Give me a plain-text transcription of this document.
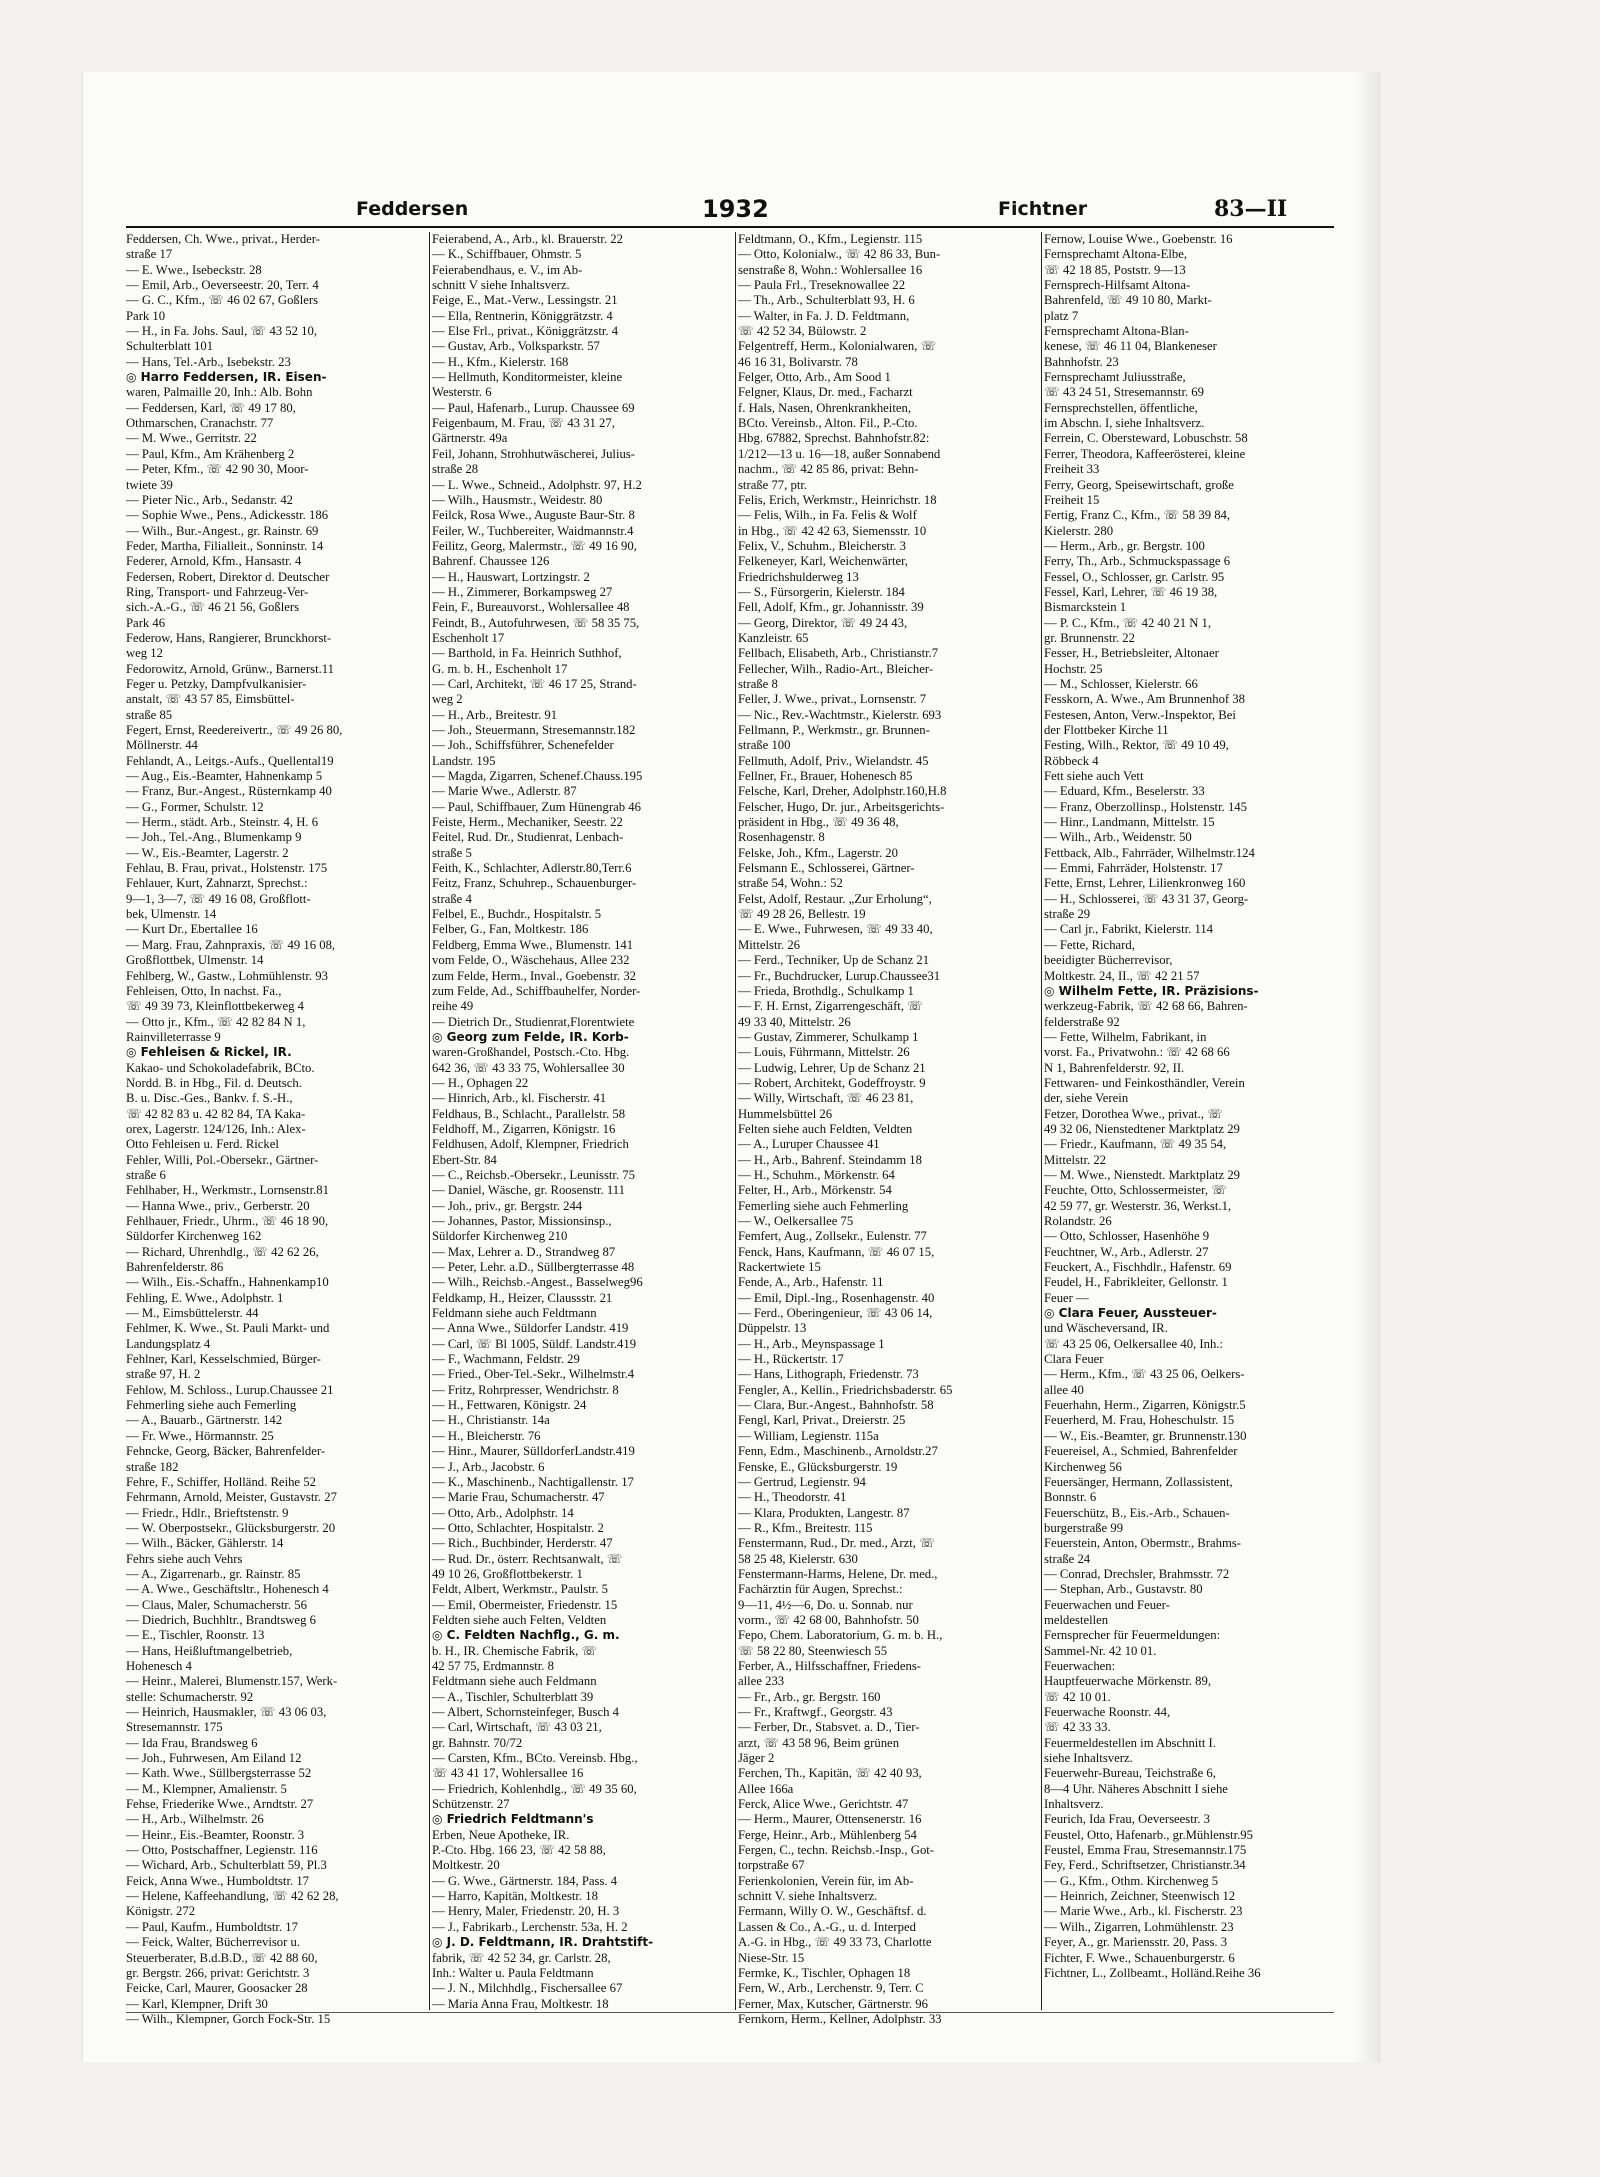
Feddersen	1932	Fichtner	83—II
Feddersen, Ch. Wwe., privat., Herder-
straße 17
— E. Wwe., Isebeckstr. 28
— Emil, Arb., Oeverseestr. 20, Terr. 4
— G. C., Kfm., ☏ 46 02 67, Goßlers
Park 10
— H., in Fa. Johs. Saul, ☏ 43 52 10,
Schulterblatt 101
— Hans, Tel.-Arb., Isebekstr. 23
◎ Harro Feddersen, IR. Eisen-
waren, Palmaille 20, Inh.: Alb. Bohn
— Feddersen, Karl, ☏ 49 17 80,
Othmarschen, Cranachstr. 77
— M. Wwe., Gerritstr. 22
— Paul, Kfm., Am Krähenberg 2
— Peter, Kfm., ☏ 42 90 30, Moor-
twiete 39
— Pieter Nic., Arb., Sedanstr. 42
— Sophie Wwe., Pens., Adickesstr. 186
— Wilh., Bur.-Angest., gr. Rainstr. 69
Feder, Martha, Filialleit., Sonninstr. 14
Federer, Arnold, Kfm., Hansastr. 4
Federsen, Robert, Direktor d. Deutscher
Ring, Transport- und Fahrzeug-Ver-
sich.-A.-G., ☏ 46 21 56, Goßlers
Park 46
Federow, Hans, Rangierer, Brunckhorst-
weg 12
Fedorowitz, Arnold, Grünw., Barnerst.11
Feger u. Petzky, Dampfvulkanisier-
anstalt, ☏ 43 57 85, Eimsbüttel-
straße 85
Fegert, Ernst, Reedereivertr., ☏ 49 26 80,
Möllnerstr. 44
Fehlandt, A., Leitgs.-Aufs., Quellental19
— Aug., Eis.-Beamter, Hahnenkamp 5
— Franz, Bur.-Angest., Rüsternkamp 40
— G., Former, Schulstr. 12
— Herm., städt. Arb., Steinstr. 4, H. 6
— Joh., Tel.-Ang., Blumenkamp 9
— W., Eis.-Beamter, Lagerstr. 2
Fehlau, B. Frau, privat., Holstenstr. 175
Fehlauer, Kurt, Zahnarzt, Sprechst.:
9—1, 3—7, ☏ 49 16 08, Großflott-
bek, Ulmenstr. 14
— Kurt Dr., Ebertallee 16
— Marg. Frau, Zahnpraxis, ☏ 49 16 08,
Großflottbek, Ulmenstr. 14
Fehlberg, W., Gastw., Lohmühlenstr. 93
Fehleisen, Otto, In nachst. Fa.,
☏ 49 39 73, Kleinflottbekerweg 4
— Otto jr., Kfm., ☏ 42 82 84 N 1,
Rainvilleterrasse 9
◎ Fehleisen & Rickel, IR.
Kakao- und Schokoladefabrik, BCto.
Nordd. B. in Hbg., Fil. d. Deutsch.
B. u. Disc.-Ges., Bankv. f. S.-H.,
☏ 42 82 83 u. 42 82 84, TA Kaka-
orex, Lagerstr. 124/126, Inh.: Alex-
Otto Fehleisen u. Ferd. Rickel
Fehler, Willi, Pol.-Obersekr., Gärtner-
straße 6
Fehlhaber, H., Werkmstr., Lornsenstr.81
— Hanna Wwe., priv., Gerberstr. 20
Fehlhauer, Friedr., Uhrm., ☏ 46 18 90,
Süldorfer Kirchenweg 162
— Richard, Uhrenhdlg., ☏ 42 62 26,
Bahrenfelderstr. 86
— Wilh., Eis.-Schaffn., Hahnenkamp10
Fehling, E. Wwe., Adolphstr. 1
— M., Eimsbüttelerstr. 44
Fehlmer, K. Wwe., St. Pauli Markt- und
Landungsplatz 4
Fehlner, Karl, Kesselschmied, Bürger-
straße 97, H. 2
Fehlow, M. Schloss., Lurup.Chaussee 21
Fehmerling siehe auch Femerling
— A., Bauarb., Gärtnerstr. 142
— Fr. Wwe., Hörmannstr. 25
Fehncke, Georg, Bäcker, Bahrenfelder-
straße 182
Fehre, F., Schiffer, Holländ. Reihe 52
Fehrmann, Arnold, Meister, Gustavstr. 27
— Friedr., Hdlr., Brieftstenstr. 9
— W. Oberpostsekr., Glücksburgerstr. 20
— Wilh., Bäcker, Gählerstr. 14
Fehrs siehe auch Vehrs
— A., Zigarrenarb., gr. Rainstr. 85
— A. Wwe., Geschäftsltr., Hohenesch 4
— Claus, Maler, Schumacherstr. 56
— Diedrich, Buchhltr., Brandtsweg 6
— E., Tischler, Roonstr. 13
— Hans, Heißluftmangelbetrieb,
Hohenesch 4
— Heinr., Malerei, Blumenstr.157, Werk-
stelle: Schumacherstr. 92
— Heinrich, Hausmakler, ☏ 43 06 03,
Stresemannstr. 175
— Ida Frau, Brandsweg 6
— Joh., Fuhrwesen, Am Eiland 12
— Kath. Wwe., Süllbergsterrasse 52
— M., Klempner, Amalienstr. 5
Fehse, Friederike Wwe., Arndtstr. 27
— H., Arb., Wilhelmstr. 26
— Heinr., Eis.-Beamter, Roonstr. 3
— Otto, Postschaffner, Legienstr. 116
— Wichard, Arb., Schulterblatt 59, Pl.3
Feick, Anna Wwe., Humboldtstr. 17
— Helene, Kaffeehandlung, ☏ 42 62 28,
Königstr. 272
— Paul, Kaufm., Humboldtstr. 17
— Feick, Walter, Bücherrevisor u.
Steuerberater, B.d.B.D., ☏ 42 88 60,
gr. Bergstr. 266, privat: Gerichtstr. 3
Feicke, Carl, Maurer, Goosacker 28
— Karl, Klempner, Drift 30
— Wilh., Klempner, Gorch Fock-Str. 15
Feierabend, A., Arb., kl. Brauerstr. 22
— K., Schiffbauer, Ohmstr. 5
Feierabendhaus, e. V., im Ab-
schnitt V siehe Inhaltsverz.
Feige, E., Mat.-Verw., Lessingstr. 21
— Ella, Rentnerin, Königgrätzstr. 4
— Else Frl., privat., Königgrätzstr. 4
— Gustav, Arb., Volksparkstr. 57
— H., Kfm., Kielerstr. 168
— Hellmuth, Konditormeister, kleine
Westerstr. 6
— Paul, Hafenarb., Lurup. Chaussee 69
Feigenbaum, M. Frau, ☏ 43 31 27,
Gärtnerstr. 49a
Feil, Johann, Strohhutwäscherei, Julius-
straße 28
— L. Wwe., Schneid., Adolphstr. 97, H.2
— Wilh., Hausmstr., Weidestr. 80
Feilck, Rosa Wwe., Auguste Baur-Str. 8
Feiler, W., Tuchbereiter, Waidmannstr.4
Feilitz, Georg, Malermstr., ☏ 49 16 90,
Bahrenf. Chaussee 126
— H., Hauswart, Lortzingstr. 2
— H., Zimmerer, Borkampsweg 27
Fein, F., Bureauvorst., Wohlersallee 48
Feindt, B., Autofuhrwesen, ☏ 58 35 75,
Eschenholt 17
— Barthold, in Fa. Heinrich Suthhof,
G. m. b. H., Eschenholt 17
— Carl, Architekt, ☏ 46 17 25, Strand-
weg 2
— H., Arb., Breitestr. 91
— Joh., Steuermann, Stresemannstr.182
— Joh., Schiffsführer, Schenefelder
Landstr. 195
— Magda, Zigarren, Schenef.Chauss.195
— Marie Wwe., Adlerstr. 87
— Paul, Schiffbauer, Zum Hünengrab 46
Feiste, Herm., Mechaniker, Seestr. 22
Feitel, Rud. Dr., Studienrat, Lenbach-
straße 5
Feith, K., Schlachter, Adlerstr.80,Terr.6
Feitz, Franz, Schuhrep., Schauenburger-
straße 4
Felbel, E., Buchdr., Hospitalstr. 5
Felber, G., Fan, Moltkestr. 186
Feldberg, Emma Wwe., Blumenstr. 141
vom Felde, O., Wäschehaus, Allee 232
zum Felde, Herm., Inval., Goebenstr. 32
zum Felde, Ad., Schiffbauhelfer, Norder-
reihe 49
— Dietrich Dr., Studienrat,Florentwiete
◎ Georg zum Felde, IR. Korb-
waren-Großhandel, Postsch.-Cto. Hbg.
642 36, ☏ 43 33 75, Wohlersallee 30
— H., Ophagen 22
— Hinrich, Arb., kl. Fischerstr. 41
Feldhaus, B., Schlacht., Parallelstr. 58
Feldhoff, M., Zigarren, Königstr. 16
Feldhusen, Adolf, Klempner, Friedrich
Ebert-Str. 84
— C., Reichsb.-Obersekr., Leunisstr. 75
— Daniel, Wäsche, gr. Roosenstr. 111
— Joh., priv., gr. Bergstr. 244
— Johannes, Pastor, Missionsinsp.,
Süldorfer Kirchenweg 210
— Max, Lehrer a. D., Strandweg 87
— Peter, Lehr. a.D., Süllbergterrasse 48
— Wilh., Reichsb.-Angest., Basselweg96
Feldkamp, H., Heizer, Claussstr. 21
Feldmann siehe auch Feldtmann
— Anna Wwe., Süldorfer Landstr. 419
— Carl, ☏ Bl 1005, Süldf. Landstr.419
— F., Wachmann, Feldstr. 29
— Fried., Ober-Tel.-Sekr., Wilhelmstr.4
— Fritz, Rohrpresser, Wendrichstr. 8
— H., Fettwaren, Königstr. 24
— H., Christianstr. 14a
— H., Bleicherstr. 76
— Hinr., Maurer, SülldorferLandstr.419
— J., Arb., Jacobstr. 6
— K., Maschinenb., Nachtigallenstr. 17
— Marie Frau, Schumacherstr. 47
— Otto, Arb., Adolphstr. 14
— Otto, Schlachter, Hospitalstr. 2
— Rich., Buchbinder, Herderstr. 47
— Rud. Dr., österr. Rechtsanwalt, ☏
49 10 26, Großflottbekerstr. 1
Feldt, Albert, Werkmstr., Paulstr. 5
— Emil, Obermeister, Friedenstr. 15
Feldten siehe auch Felten, Veldten
◎ C. Feldten Nachflg., G. m.
b. H., IR. Chemische Fabrik, ☏
42 57 75, Erdmannstr. 8
Feldtmann siehe auch Feldmann
— A., Tischler, Schulterblatt 39
— Albert, Schornsteinfeger, Busch 4
— Carl, Wirtschaft, ☏ 43 03 21,
gr. Bahnstr. 70/72
— Carsten, Kfm., BCto. Vereinsb. Hbg.,
☏ 43 41 17, Wohlersallee 16
— Friedrich, Kohlenhdlg., ☏ 49 35 60,
Schützenstr. 27
◎ Friedrich Feldtmann's
Erben, Neue Apotheke, IR.
P.-Cto. Hbg. 166 23, ☏ 42 58 88,
Moltkestr. 20
— G. Wwe., Gärtnerstr. 184, Pass. 4
— Harro, Kapitän, Moltkestr. 18
— Henry, Maler, Friedenstr. 20, H. 3
— J., Fabrikarb., Lerchenstr. 53a, H. 2
◎ J. D. Feldtmann, IR. Drahtstift-
fabrik, ☏ 42 52 34, gr. Carlstr. 28,
Inh.: Walter u. Paula Feldtmann
— J. N., Milchhdlg., Fischersallee 67
— Maria Anna Frau, Moltkestr. 18
Feldtmann, O., Kfm., Legienstr. 115
— Otto, Kolonialw., ☏ 42 86 33, Bun-
senstraße 8, Wohn.: Wohlersallee 16
— Paula Frl., Treseknowallee 22
— Th., Arb., Schulterblatt 93, H. 6
— Walter, in Fa. J. D. Feldtmann,
☏ 42 52 34, Bülowstr. 2
Felgentreff, Herm., Kolonialwaren, ☏
46 16 31, Bolivarstr. 78
Felger, Otto, Arb., Am Sood 1
Felgner, Klaus, Dr. med., Facharzt
f. Hals, Nasen, Ohrenkrankheiten,
BCto. Vereinsb., Alton. Fil., P.-Cto.
Hbg. 67882, Sprechst. Bahnhofstr.82:
1/212—13 u. 16—18, außer Sonnabend
nachm., ☏ 42 85 86, privat: Behn-
straße 77, ptr.
Felis, Erich, Werkmstr., Heinrichstr. 18
— Felis, Wilh., in Fa. Felis & Wolf
in Hbg., ☏ 42 42 63, Siemensstr. 10
Felix, V., Schuhm., Bleicherstr. 3
Felkeneyer, Karl, Weichenwärter,
Friedrichshulderweg 13
— S., Fürsorgerin, Kielerstr. 184
Fell, Adolf, Kfm., gr. Johannisstr. 39
— Georg, Direktor, ☏ 49 24 43,
Kanzleistr. 65
Fellbach, Elisabeth, Arb., Christianstr.7
Fellecher, Wilh., Radio-Art., Bleicher-
straße 8
Feller, J. Wwe., privat., Lornsenstr. 7
— Nic., Rev.-Wachtmstr., Kielerstr. 693
Fellmann, P., Werkmstr., gr. Brunnen-
straße 100
Fellmuth, Adolf, Priv., Wielandstr. 45
Fellner, Fr., Brauer, Hohenesch 85
Felsche, Karl, Dreher, Adolphstr.160,H.8
Felscher, Hugo, Dr. jur., Arbeitsgerichts-
präsident in Hbg., ☏ 49 36 48,
Rosenhagenstr. 8
Felske, Joh., Kfm., Lagerstr. 20
Felsmann E., Schlosserei, Gärtner-
straße 54, Wohn.: 52
Felst, Adolf, Restaur. „Zur Erholung“,
☏ 49 28 26, Bellestr. 19
— E. Wwe., Fuhrwesen, ☏ 49 33 40,
Mittelstr. 26
— Ferd., Techniker, Up de Schanz 21
— Fr., Buchdrucker, Lurup.Chaussee31
— Frieda, Brothdlg., Schulkamp 1
— F. H. Ernst, Zigarrengeschäft, ☏
49 33 40, Mittelstr. 26
— Gustav, Zimmerer, Schulkamp 1
— Louis, Führmann, Mittelstr. 26
— Ludwig, Lehrer, Up de Schanz 21
— Robert, Architekt, Godeffroystr. 9
— Willy, Wirtschaft, ☏ 46 23 81,
Hummelsbüttel 26
Felten siehe auch Feldten, Veldten
— A., Luruper Chaussee 41
— H., Arb., Bahrenf. Steindamm 18
— H., Schuhm., Mörkenstr. 64
Felter, H., Arb., Mörkenstr. 54
Femerling siehe auch Fehmerling
— W., Oelkersallee 75
Femfert, Aug., Zollsekr., Eulenstr. 77
Fenck, Hans, Kaufmann, ☏ 46 07 15,
Rackertwiete 15
Fende, A., Arb., Hafenstr. 11
— Emil, Dipl.-Ing., Rosenhagenstr. 40
— Ferd., Oberingenieur, ☏ 43 06 14,
Düppelstr. 13
— H., Arb., Meynspassage 1
— H., Rückertstr. 17
— Hans, Lithograph, Friedenstr. 73
Fengler, A., Kellin., Friedrichsbaderstr. 65
— Clara, Bur.-Angest., Bahnhofstr. 58
Fengl, Karl, Privat., Dreierstr. 25
— William, Legienstr. 115a
Fenn, Edm., Maschinenb., Arnoldstr.27
Fenske, E., Glücksburgerstr. 19
— Gertrud, Legienstr. 94
— H., Theodorstr. 41
— Klara, Produkten, Langestr. 87
— R., Kfm., Breitestr. 115
Fenstermann, Rud., Dr. med., Arzt, ☏
58 25 48, Kielerstr. 630
Fenstermann-Harms, Helene, Dr. med.,
Fachärztin für Augen, Sprechst.:
9—11, 4½—6, Do. u. Sonnab. nur
vorm., ☏ 42 68 00, Bahnhofstr. 50
Fepo, Chem. Laboratorium, G. m. b. H.,
☏ 58 22 80, Steenwiesch 55
Ferber, A., Hilfsschaffner, Friedens-
allee 233
— Fr., Arb., gr. Bergstr. 160
— Fr., Kraftwgf., Georgstr. 43
— Ferber, Dr., Stabsvet. a. D., Tier-
arzt, ☏ 43 58 96, Beim grünen
Jäger 2
Ferchen, Th., Kapitän, ☏ 42 40 93,
Allee 166a
Ferck, Alice Wwe., Gerichtstr. 47
— Herm., Maurer, Ottensenerstr. 16
Ferge, Heinr., Arb., Mühlenberg 54
Fergen, C., techn. Reichsb.-Insp., Got-
torpstraße 67
Ferienkolonien, Verein für, im Ab-
schnitt V. siehe Inhaltsverz.
Fermann, Willy O. W., Geschäftsf. d.
Lassen & Co., A.-G., u. d. Interped
A.-G. in Hbg., ☏ 49 33 73, Charlotte
Niese-Str. 15
Fermke, K., Tischler, Ophagen 18
Fern, W., Arb., Lerchenstr. 9, Terr. C
Ferner, Max, Kutscher, Gärtnerstr. 96
Fernkorn, Herm., Kellner, Adolphstr. 33
Fernow, Louise Wwe., Goebenstr. 16
Fernsprechamt Altona-Elbe,
☏ 42 18 85, Poststr. 9—13
Fernsprech-Hilfsamt Altona-
Bahrenfeld, ☏ 49 10 80, Markt-
platz 7
Fernsprechamt Altona-Blan-
kenese, ☏ 46 11 04, Blankeneser
Bahnhofstr. 23
Fernsprechamt Juliusstraße,
☏ 43 24 51, Stresemannstr. 69
Fernsprechstellen, öffentliche,
im Abschn. I, siehe Inhaltsverz.
Ferrein, C. Obersteward, Lobuschstr. 58
Ferrer, Theodora, Kaffeerösterei, kleine
Freiheit 33
Ferry, Georg, Speisewirtschaft, große
Freiheit 15
Fertig, Franz C., Kfm., ☏ 58 39 84,
Kielerstr. 280
— Herm., Arb., gr. Bergstr. 100
Ferry, Th., Arb., Schmuckspassage 6
Fessel, O., Schlosser, gr. Carlstr. 95
Fessel, Karl, Lehrer, ☏ 46 19 38,
Bismarckstein 1
— P. C., Kfm., ☏ 42 40 21 N 1,
gr. Brunnenstr. 22
Fesser, H., Betriebsleiter, Altonaer
Hochstr. 25
— M., Schlosser, Kielerstr. 66
Fesskorn, A. Wwe., Am Brunnenhof 38
Festesen, Anton, Verw.-Inspektor, Bei
der Flottbeker Kirche 11
Festing, Wilh., Rektor, ☏ 49 10 49,
Röbbeck 4
Fett siehe auch Vett
— Eduard, Kfm., Beselerstr. 33
— Franz, Oberzollinsp., Holstenstr. 145
— Hinr., Landmann, Mittelstr. 15
— Wilh., Arb., Weidenstr. 50
Fettback, Alb., Fahrräder, Wilhelmstr.124
— Emmi, Fahrräder, Holstenstr. 17
Fette, Ernst, Lehrer, Lilienkronweg 160
— H., Schlosserei, ☏ 43 31 37, Georg-
straße 29
— Carl jr., Fabrikt, Kielerstr. 114
— Fette, Richard,
beeidigter Bücherrevisor,
Moltkestr. 24, II., ☏ 42 21 57
◎ Wilhelm Fette, IR. Präzisions-
werkzeug-Fabrik, ☏ 42 68 66, Bahren-
felderstraße 92
— Fette, Wilhelm, Fabrikant, in
vorst. Fa., Privatwohn.: ☏ 42 68 66
N 1, Bahrenfelderstr. 92, II.
Fettwaren- und Feinkosthändler, Verein
der, siehe Verein
Fetzer, Dorothea Wwe., privat., ☏
49 32 06, Nienstedtener Marktplatz 29
— Friedr., Kaufmann, ☏ 49 35 54,
Mittelstr. 22
— M. Wwe., Nienstedt. Marktplatz 29
Feuchte, Otto, Schlossermeister, ☏
42 59 77, gr. Westerstr. 36, Werkst.1,
Rolandstr. 26
— Otto, Schlosser, Hasenhöhe 9
Feuchtner, W., Arb., Adlerstr. 27
Feuckert, A., Fischhdlr., Hafenstr. 69
Feudel, H., Fabrikleiter, Gellonstr. 1
Feuer —
◎ Clara Feuer, Aussteuer-
und Wäscheversand, IR.
☏ 43 25 06, Oelkersallee 40, Inh.:
Clara Feuer
— Herm., Kfm., ☏ 43 25 06, Oelkers-
allee 40
Feuerhahn, Herm., Zigarren, Königstr.5
Feuerherd, M. Frau, Hoheschulstr. 15
— W., Eis.-Beamter, gr. Brunnenstr.130
Feuereisel, A., Schmied, Bahrenfelder
Kirchenweg 56
Feuersänger, Hermann, Zollassistent,
Bonnstr. 6
Feuerschütz, B., Eis.-Arb., Schauen-
burgerstraße 99
Feuerstein, Anton, Obermstr., Brahms-
straße 24
— Conrad, Drechsler, Brahmsstr. 72
— Stephan, Arb., Gustavstr. 80
Feuerwachen und Feuer-
meldestellen
Fernsprecher für Feuermeldungen:
Sammel-Nr. 42 10 01.
Feuerwachen:
Hauptfeuerwache Mörkenstr. 89,
☏ 42 10 01.
Feuerwache Roonstr. 44,
☏ 42 33 33.
Feuermeldestellen im Abschnitt I.
siehe Inhaltsverz.
Feuerwehr-Bureau, Teichstraße 6,
8—4 Uhr. Näheres Abschnitt I siehe
Inhaltsverz.
Feurich, Ida Frau, Oeverseestr. 3
Feustel, Otto, Hafenarb., gr.Mühlenstr.95
Feustel, Emma Frau, Stresemannstr.175
Fey, Ferd., Schriftsetzer, Christianstr.34
— G., Kfm., Othm. Kirchenweg 5
— Heinrich, Zeichner, Steenwisch 12
— Marie Wwe., Arb., kl. Fischerstr. 23
— Wilh., Zigarren, Lohmühlenstr. 23
Feyer, A., gr. Mariensstr. 20, Pass. 3
Fichter, F. Wwe., Schauenburgerstr. 6
Fichtner, L., Zollbeamt., Holländ.Reihe 36
